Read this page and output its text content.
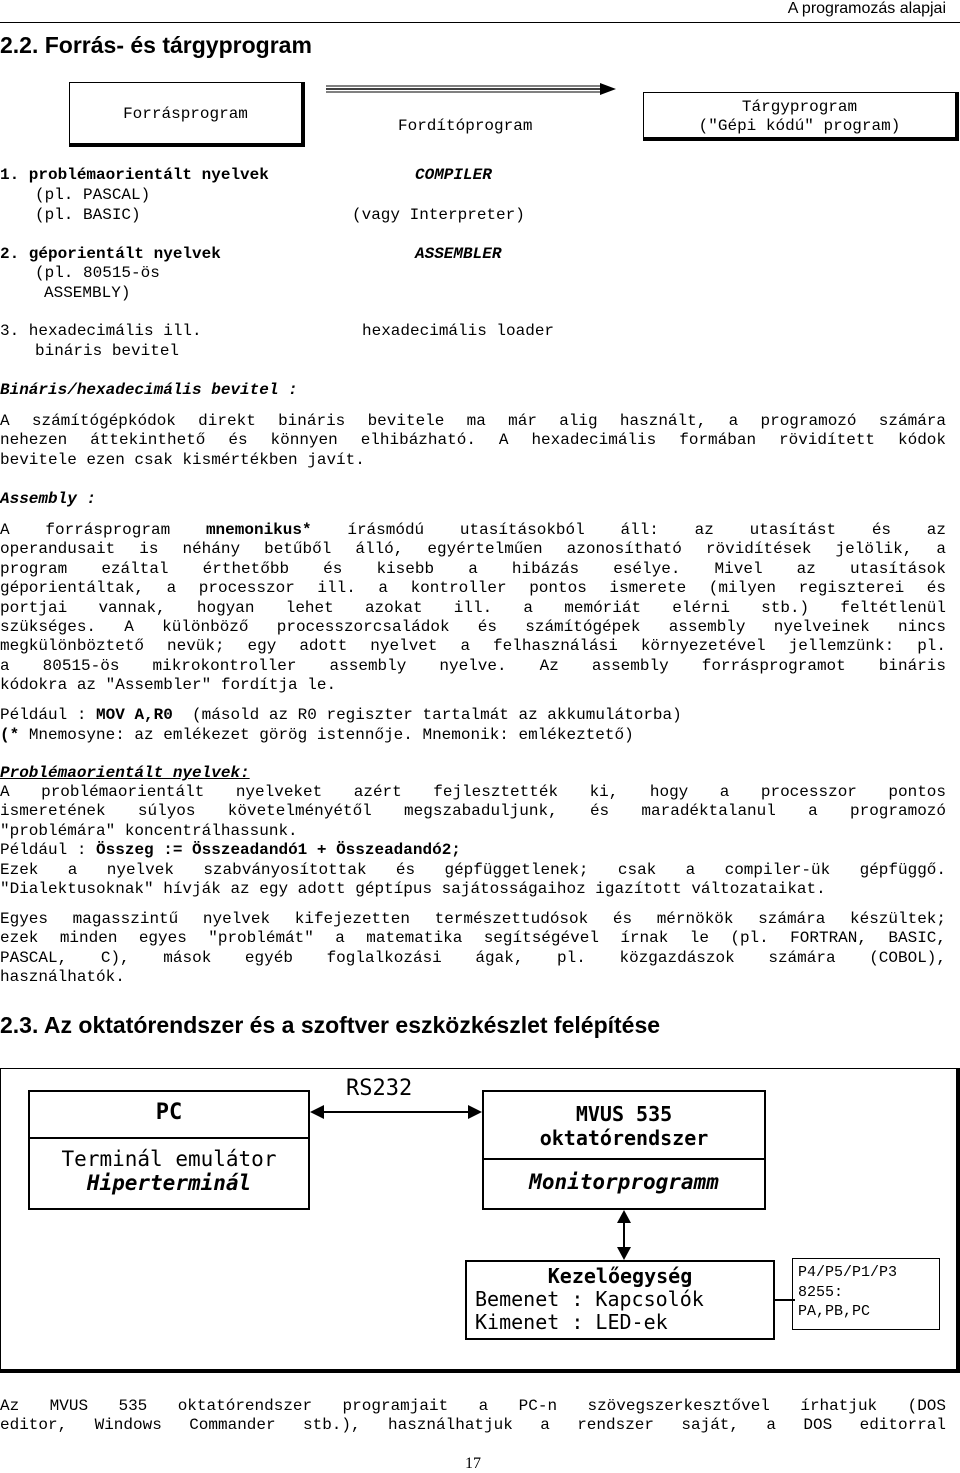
A programozás alapjai
2.2. Forrás- és tárgyprogram
Forrásprogram
Fordítóprogram
Tárgyprogram
("Gépi kódú" program)
1. problémaorientált nyelvek
(pl. PASCAL)
(pl. BASIC)
COMPILER
(vagy Interpreter)
2. géporientált nyelvek
(pl. 80515-ös
ASSEMBLY)
ASSEMBLER
3. hexadecimális ill.
bináris bevitel
hexadecimális loader
Bináris/hexadecimális bevitel :
A számítógépkódok direkt bináris bevitele ma már alig használt, a programozó számára
nehezen áttekinthető és könnyen elhibázható. A hexadecimális formában rövidített kódok
bevitele ezen csak kismértékben javít.
Assembly :
A forrásprogram mnemonikus* írásmódú utasításokból áll: az utasítást és az
operandusait is néhány betűből álló, egyértelműen azonosítható rövidítések jelölik, a
program ezáltal érthetőbb és kisebb a hibázás esélye. Mivel az utasítások
géporientáltak, a processzor ill. a kontroller pontos ismerete (milyen regiszterei és
portjai vannak, hogyan lehet azokat ill. a memóriát elérni stb.) feltétlenül
szükséges. A különböző processzorcsaládok és számítógépek assembly nyelveinek nincs
megkülönböztető nevük; egy adott nyelvet a felhasználási környezetével jellemzünk: pl.
a 80515-ös mikrokontroller assembly nyelve. Az assembly forrásprogramot bináris
kódokra az "Assembler" fordítja le.
Például : MOV A,R0 (másold az R0 regiszter tartalmát az akkumulátorba)
(* Mnemosyne: az emlékezet görög istennője. Mnemonik: emlékeztető)
Problémaorientált nyelvek:
A problémaorientált nyelveket azért fejlesztették ki, hogy a processzor pontos
ismeretének súlyos követelményétől megszabaduljunk, és maradéktalanul a programozó
"problémára" koncentrálhassunk.
Például : Összeg := Összeadandó1 + Összeadandó2;
Ezek a nyelvek szabványosítottak és gépfüggetlenek; csak a compiler-ük gépfüggő.
"Dialektusoknak" hívják az egy adott géptípus sajátosságaihoz igazított változataikat.
Egyes magasszintű nyelvek kifejezetten természettudósok és mérnökök számára készültek;
ezek minden egyes "problémát" a matematika segítségével írnak le (pl. FORTRAN, BASIC,
PASCAL, C), mások egyéb foglalkozási ágak, pl. közgazdászok számára (COBOL),
használhatók.
2.3. Az oktatórendszer és a szoftver eszközkészlet felépítése
RS232
PC
Terminál emulátor
Hiperterminál
MVUS 535
oktatórendszer
Monitorprogramm
Kezelőegység
Bemenet : Kapcsolók
Kimenet : LED-ek
P4/P5/P1/P3
8255:
PA,PB,PC
Az MVUS 535 oktatórendszer programjait a PC-n szövegszerkesztővel írhatjuk (DOS
editor, Windows Commander stb.), használhatjuk a rendszer saját, a DOS editorral
17
